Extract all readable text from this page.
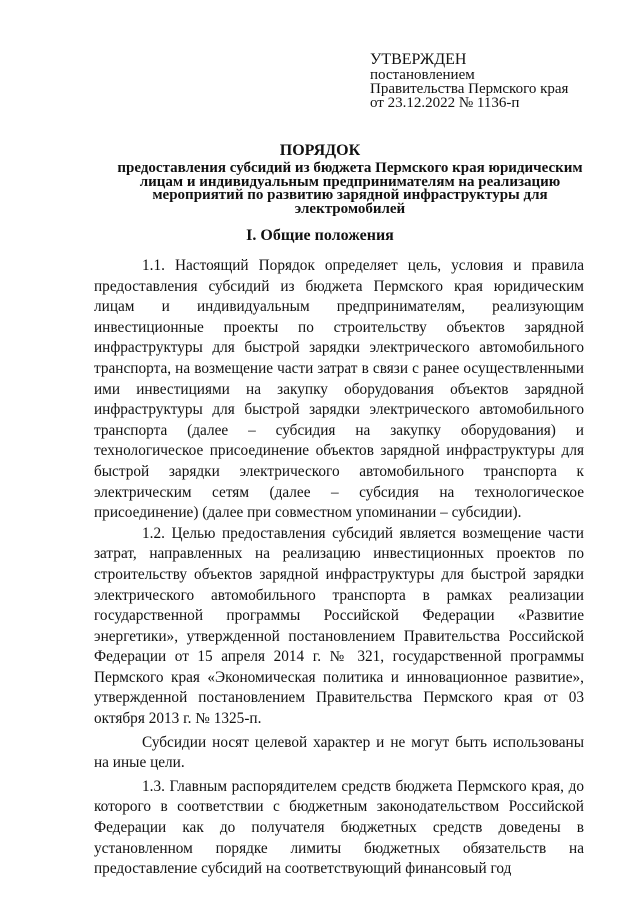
УТВЕРЖДЕН
постановлением
Правительства Пермского края
от 23.12.2022 № 1136-п
ПОРЯДОК
предоставления субсидий из бюджета Пермского края юридическим лицам и индивидуальным предпринимателям на реализацию мероприятий по развитию зарядной инфраструктуры для электромобилей
I. Общие положения

1.1. Настоящий Порядок определяет цель, условия и правила предоставления субсидий из бюджета Пермского края юридическим лицам и индивидуальным предпринимателям, реализующим инвестиционные проекты по строительству объектов зарядной инфраструктуры для быстрой зарядки электрического автомобильного транспорта, на возмещение части затрат в связи с ранее осуществленными ими инвестициями на закупку оборудования объектов зарядной инфраструктуры для быстрой зарядки электрического автомобильного транспорта (далее – субсидия на закупку оборудования) и технологическое присоединение объектов зарядной инфраструктуры для быстрой зарядки электрического автомобильного транспорта к электрическим сетям (далее – субсидия на технологическое присоединение) (далее при совместном упоминании – субсидии).

1.2. Целью предоставления субсидий является возмещение части затрат, направленных на реализацию инвестиционных проектов по строительству объектов зарядной инфраструктуры для быстрой зарядки электрического автомобильного транспорта в рамках реализации государственной программы Российской Федерации «Развитие энергетики», утвержденной постановлением Правительства Российской Федерации от 15 апреля 2014 г. № 321, государственной программы Пермского края «Экономическая политика и инновационное развитие», утвержденной постановлением Правительства Пермского края от 03 октября 2013 г. № 1325-п.

Субсидии носят целевой характер и не могут быть использованы на иные цели.

1.3. Главным распорядителем средств бюджета Пермского края, до которого в соответствии с бюджетным законодательством Российской Федерации как до получателя бюджетных средств доведены в установленном порядке лимиты бюджетных обязательств на предоставление субсидий на соответствующий финансовый год
